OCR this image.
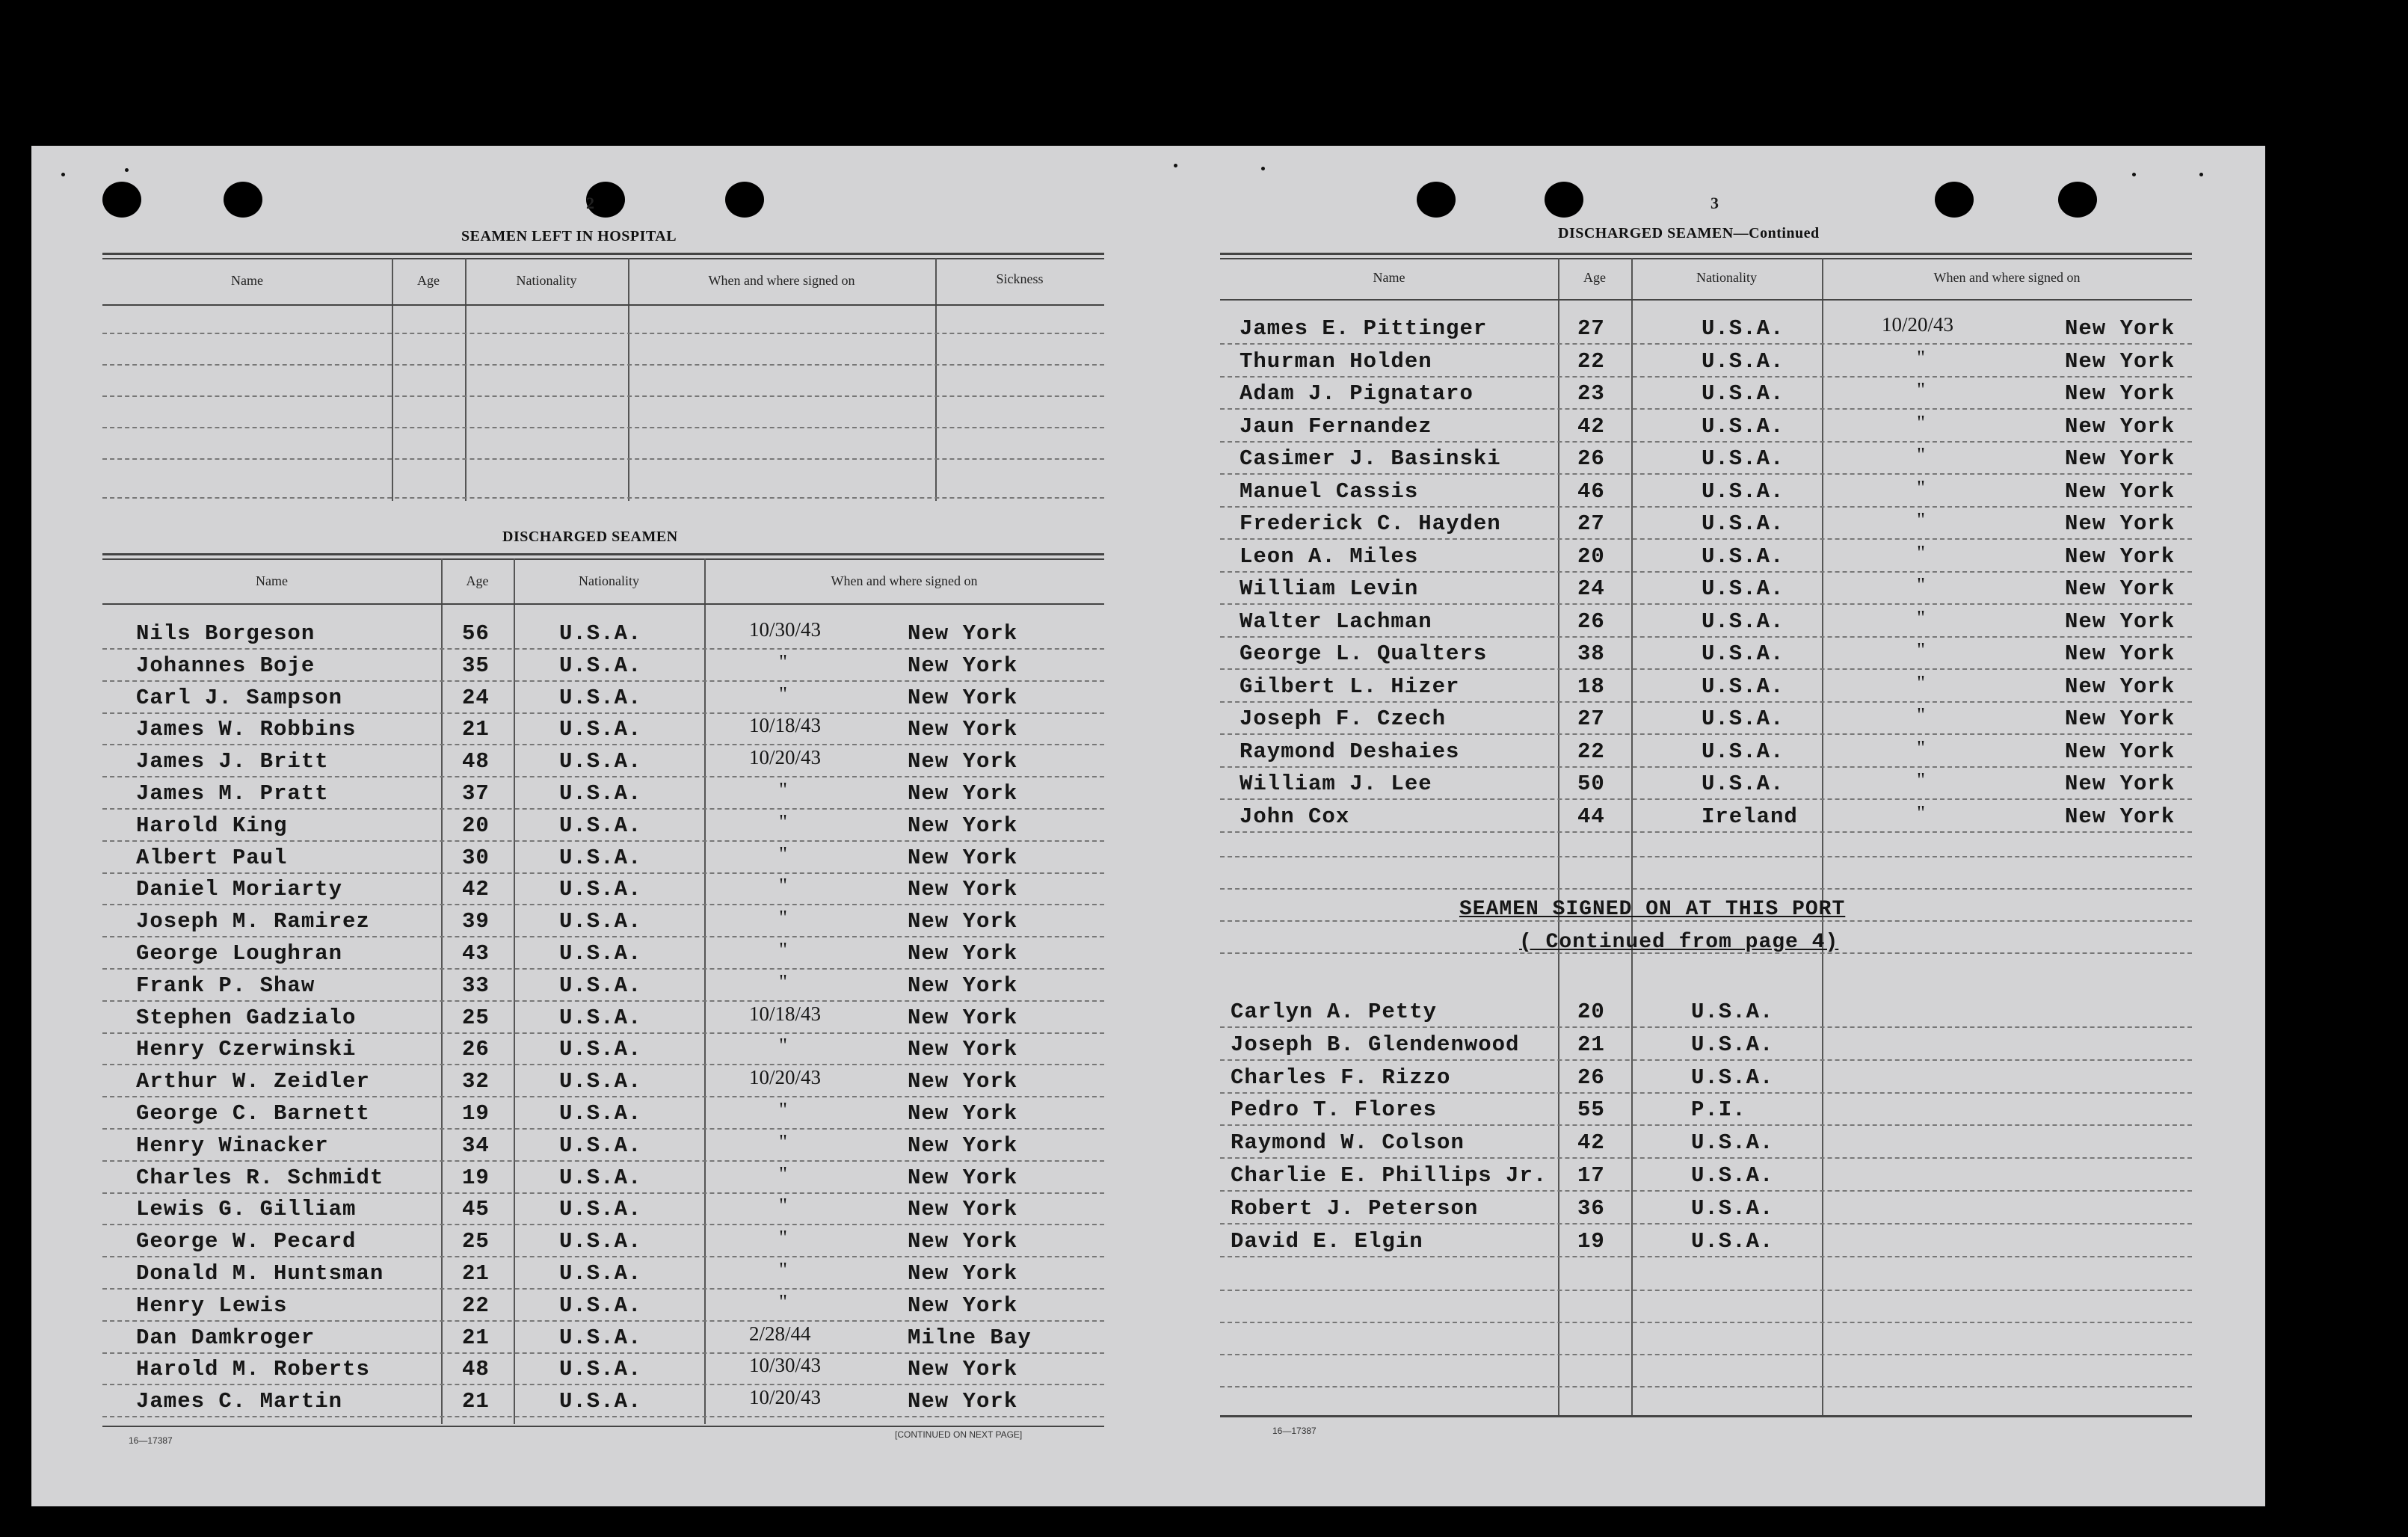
2
SEAMEN LEFT IN HOSPITAL
Name	Age	Nationality	When and where signed on	Sickness
DISCHARGED SEAMEN
Name	Age	Nationality	When and where signed on
Nils Borgeson	56	U.S.A.	10/30/43	New York
Johannes Boje	35	U.S.A.	"	New York
Carl J. Sampson	24	U.S.A.	"	New York
James W. Robbins	21	U.S.A.	10/18/43	New York
James J. Britt	48	U.S.A.	10/20/43	New York
James M. Pratt	37	U.S.A.	"	New York
Harold King	20	U.S.A.	"	New York
Albert Paul	30	U.S.A.	"	New York
Daniel Moriarty	42	U.S.A.	"	New York
Joseph M. Ramirez	39	U.S.A.	"	New York
George Loughran	43	U.S.A.	"	New York
Frank P. Shaw	33	U.S.A.	"	New York
Stephen Gadzialo	25	U.S.A.	10/18/43	New York
Henry Czerwinski	26	U.S.A.	"	New York
Arthur W. Zeidler	32	U.S.A.	10/20/43	New York
George C. Barnett	19	U.S.A.	"	New York
Henry Winacker	34	U.S.A.	"	New York
Charles R. Schmidt	19	U.S.A.	"	New York
Lewis G. Gilliam	45	U.S.A.	"	New York
George W. Pecard	25	U.S.A.	"	New York
Donald M. Huntsman	21	U.S.A.	"	New York
Henry Lewis	22	U.S.A.	"	New York
Dan Damkroger	21	U.S.A.	2/28/44	Milne Bay
Harold M. Roberts	48	U.S.A.	10/30/43	New York
James C. Martin	21	U.S.A.	10/20/43	New York
16—17387
[CONTINUED ON NEXT PAGE]
3
DISCHARGED SEAMEN—Continued
Name	Age	Nationality	When and where signed on
James E. Pittinger	27	U.S.A.	10/20/43	New York
Thurman Holden	22	U.S.A.	"	New York
Adam J. Pignataro	23	U.S.A.	"	New York
Jaun Fernandez	42	U.S.A.	"	New York
Casimer J. Basinski	26	U.S.A.	"	New York
Manuel Cassis	46	U.S.A.	"	New York
Frederick C. Hayden	27	U.S.A.	"	New York
Leon A. Miles	20	U.S.A.	"	New York
William Levin	24	U.S.A.	"	New York
Walter Lachman	26	U.S.A.	"	New York
George L. Qualters	38	U.S.A.	"	New York
Gilbert L. Hizer	18	U.S.A.	"	New York
Joseph F. Czech	27	U.S.A.	"	New York
Raymond Deshaies	22	U.S.A.	"	New York
William J. Lee	50	U.S.A.	"	New York
John Cox	44	Ireland	"	New York
SEAMEN SIGNED ON AT THIS PORT
( Continued from page 4)
Carlyn A. Petty	20	U.S.A.
Joseph B. Glendenwood	21	U.S.A.
Charles F. Rizzo	26	U.S.A.
Pedro T. Flores	55	P.I.
Raymond W. Colson	42	U.S.A.
Charlie E. Phillips Jr. 17	U.S.A.
Robert J. Peterson	36	U.S.A.
David E. Elgin	19	U.S.A.
16—17387
